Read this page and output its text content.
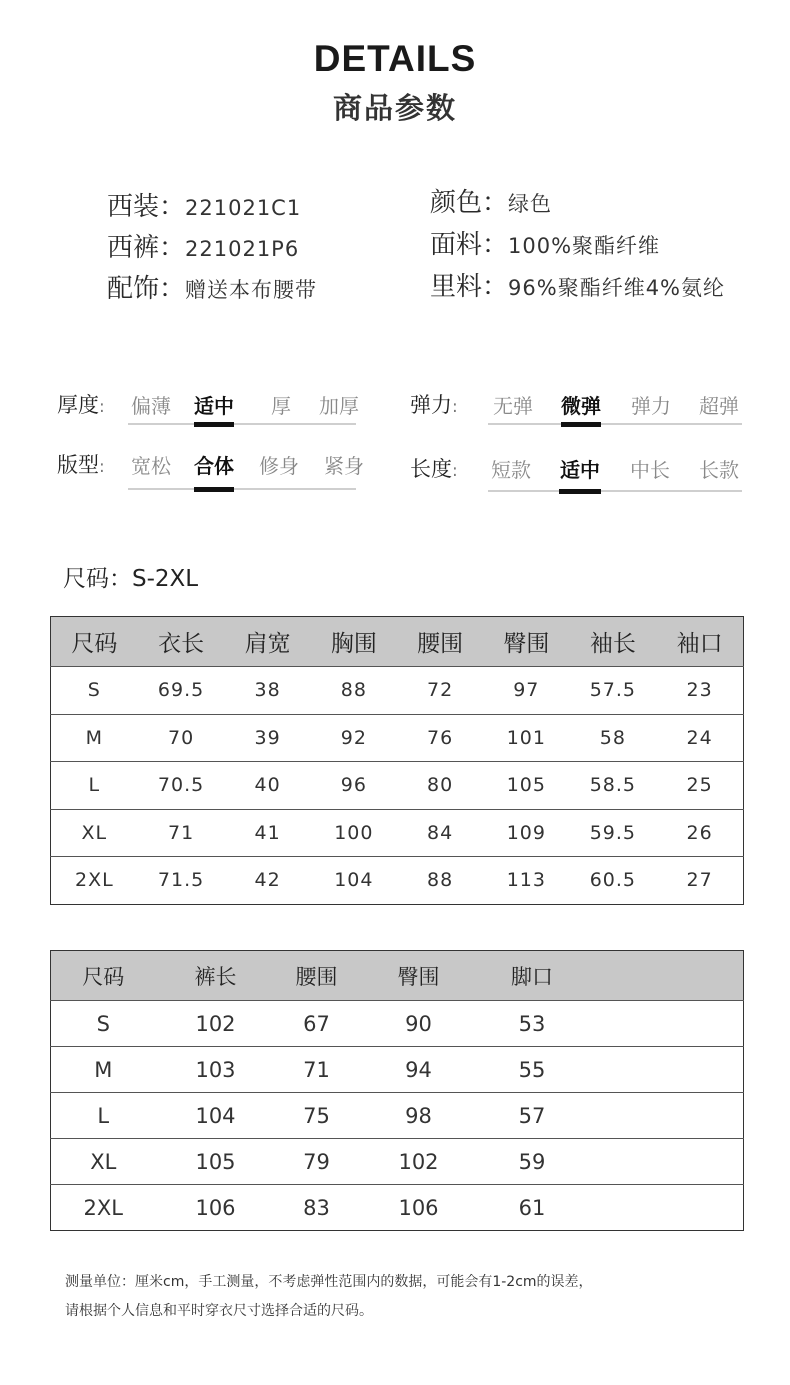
DETAILS
商品参数
西装：221021C1
西裤：221021P6
配饰：赠送本布腰带
颜色：绿色
面料：100%聚酯纤维
里料：96%聚酯纤维4%氨纶
厚度:	偏薄	适中	厚	加厚
版型:	宽松	合体	修身	紧身
弹力:	无弹	微弹	弹力	超弹
长度:	短款	适中	中长	长款
尺码：S-2XL
尺码	衣长	肩宽	胸围	腰围	臀围	袖长	袖口
S	69.5	38	88	72	97	57.5	23
M	70	39	92	76	101	58	24
L	70.5	40	96	80	105	58.5	25
XL	71	41	100	84	109	59.5	26
2XL	71.5	42	104	88	113	60.5	27
尺码	裤长	腰围	臀围	脚口	
S	102	67	90	53	
M	103	71	94	55	
L	104	75	98	57	
XL	105	79	102	59	
2XL	106	83	106	61	
测量单位：厘米cm，手工测量，不考虑弹性范围内的数据，可能会有1-2cm的误差，
请根据个人信息和平时穿衣尺寸选择合适的尺码。
